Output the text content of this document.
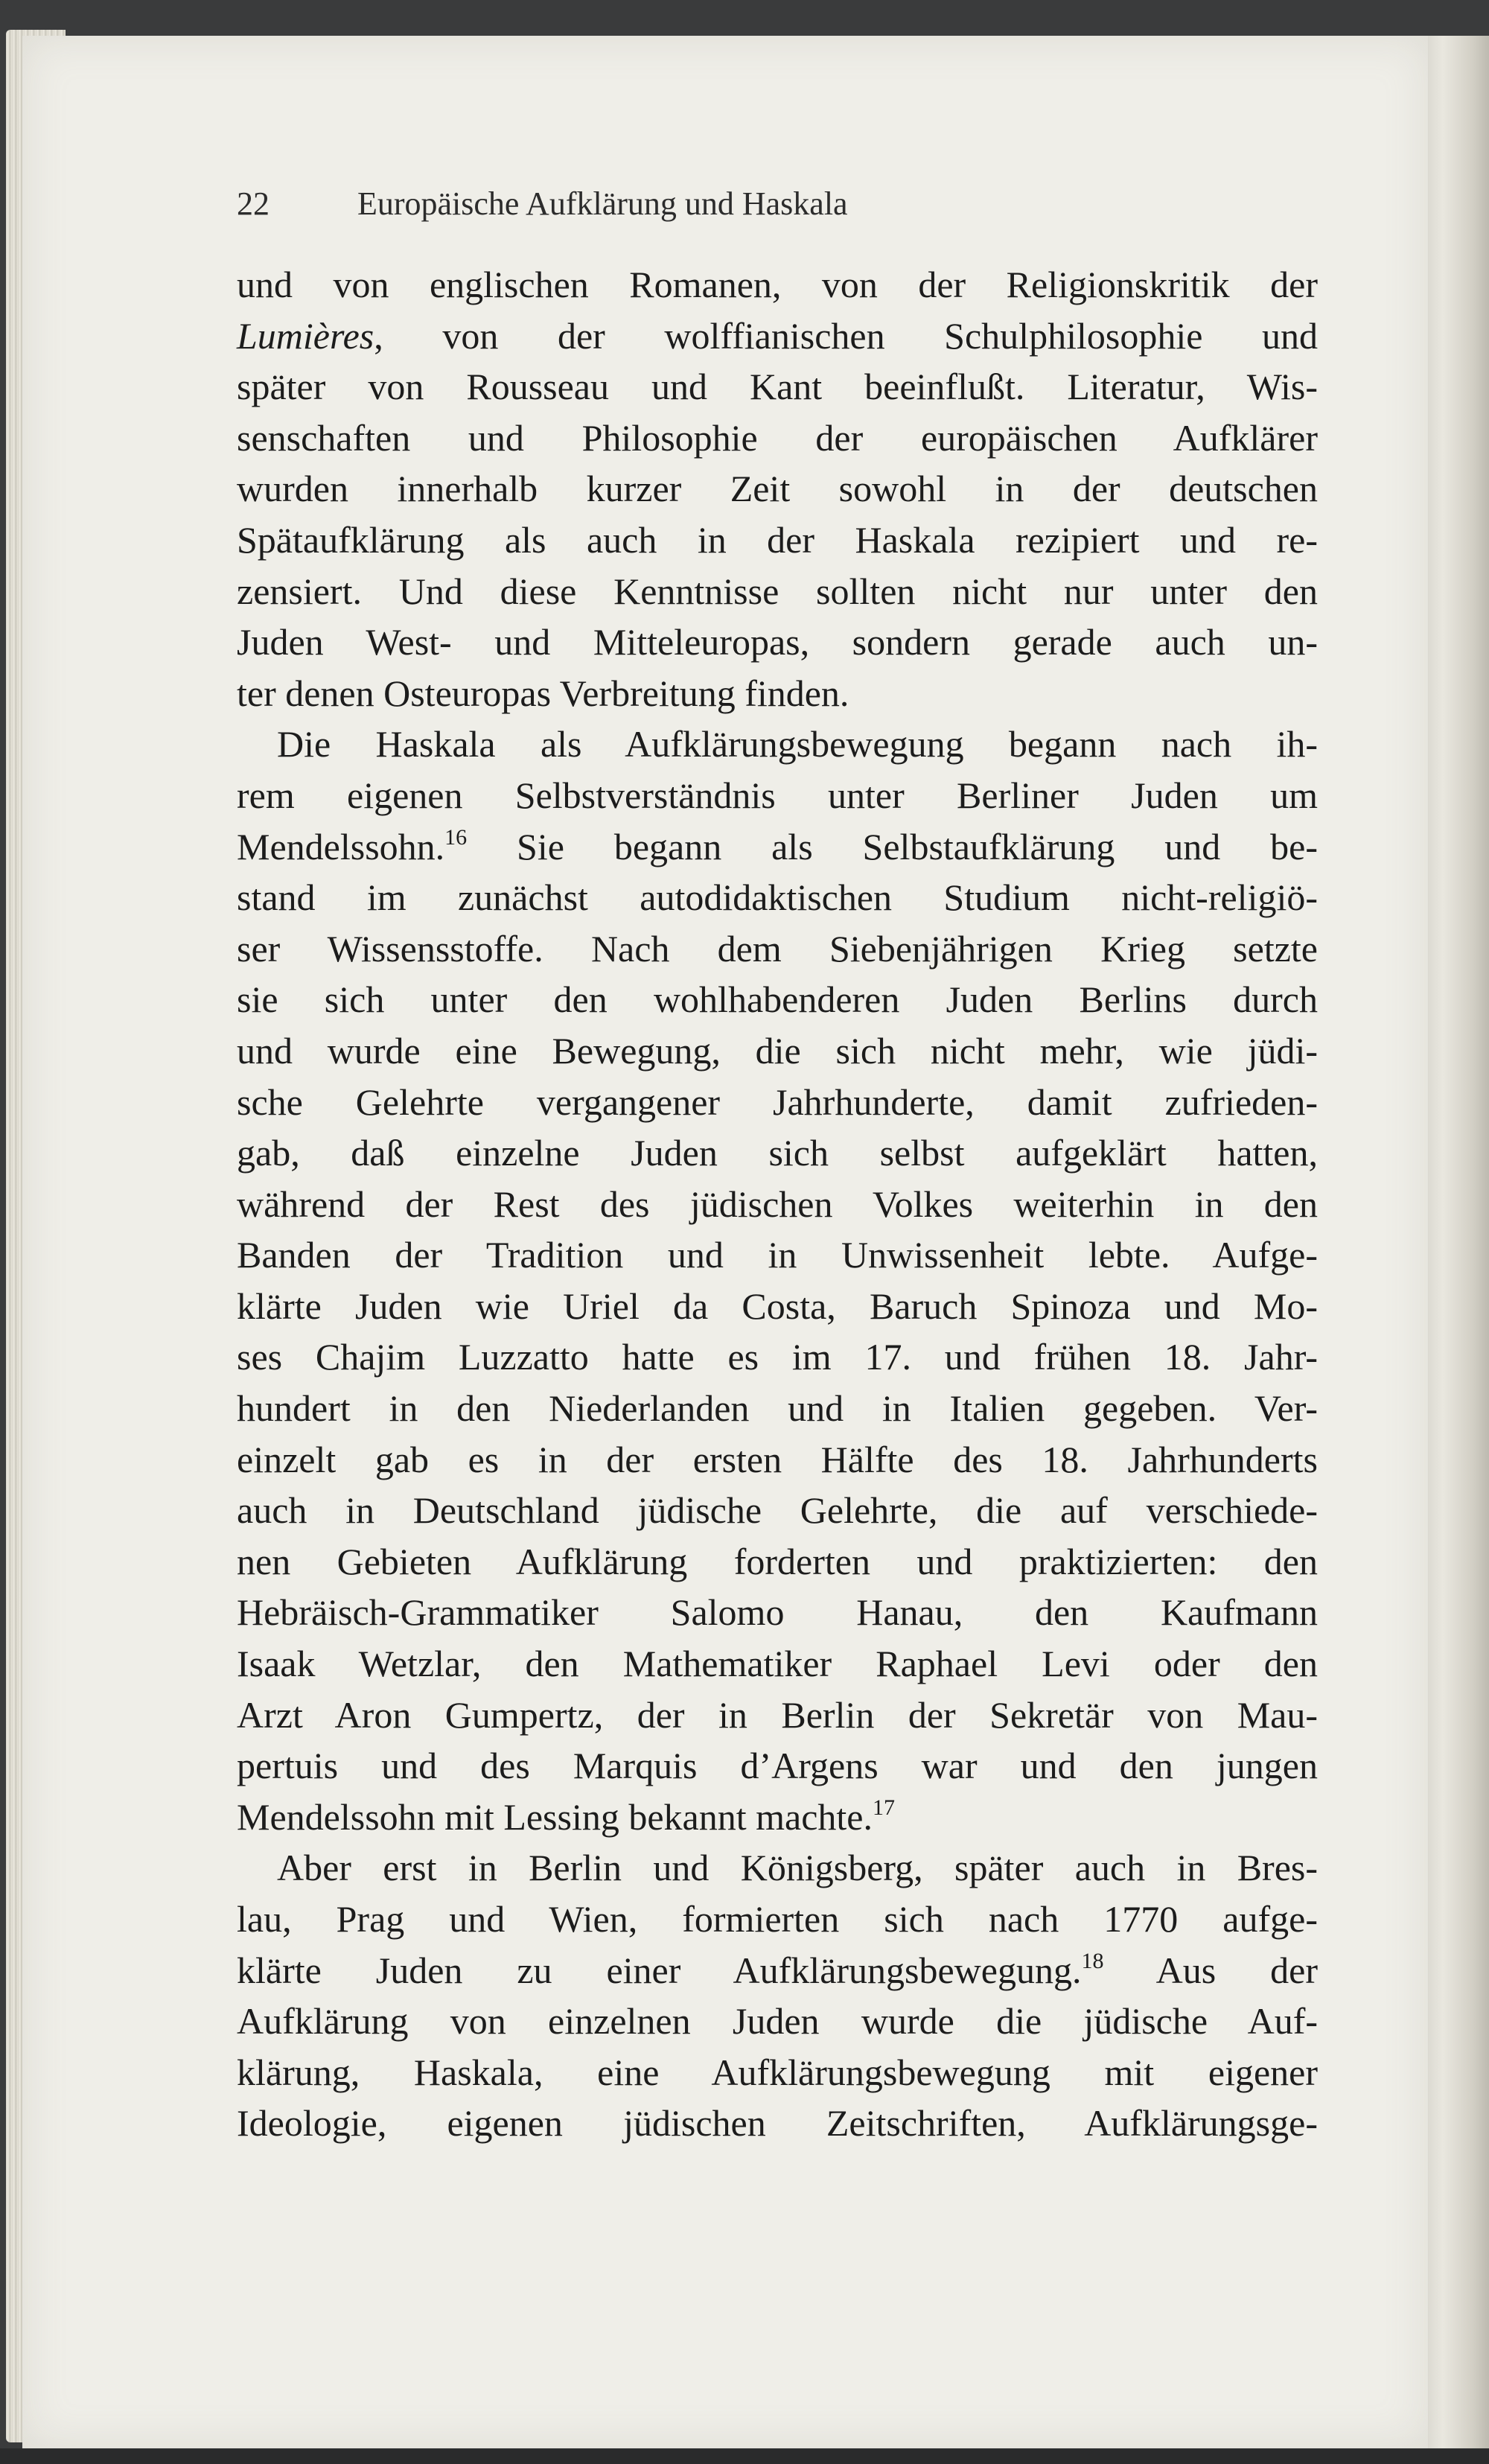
22	Europäische Aufklärung und Haskala
und von englischen Romanen, von der Religionskritik der
Lumières, von der wolffianischen Schulphilosophie und
später von Rousseau und Kant beeinflußt. Literatur, Wis-
senschaften und Philosophie der europäischen Aufklärer
wurden innerhalb kurzer Zeit sowohl in der deutschen
Spätaufklärung als auch in der Haskala rezipiert und re-
zensiert. Und diese Kenntnisse sollten nicht nur unter den
Juden West- und Mitteleuropas, sondern gerade auch un-
ter denen Osteuropas Verbreitung finden.
Die Haskala als Aufklärungsbewegung begann nach ih-
rem eigenen Selbstverständnis unter Berliner Juden um
Mendelssohn.$^{16}$ Sie begann als Selbstaufklärung und be-
stand im zunächst autodidaktischen Studium nicht-religiö-
ser Wissensstoffe. Nach dem Siebenjährigen Krieg setzte
sie sich unter den wohlhabenderen Juden Berlins durch
und wurde eine Bewegung, die sich nicht mehr, wie jüdi-
sche Gelehrte vergangener Jahrhunderte, damit zufrieden-
gab, daß einzelne Juden sich selbst aufgeklärt hatten,
während der Rest des jüdischen Volkes weiterhin in den
Banden der Tradition und in Unwissenheit lebte. Aufge-
klärte Juden wie Uriel da Costa, Baruch Spinoza und Mo-
ses Chajim Luzzatto hatte es im 17. und frühen 18. Jahr-
hundert in den Niederlanden und in Italien gegeben. Ver-
einzelt gab es in der ersten Hälfte des 18. Jahrhunderts
auch in Deutschland jüdische Gelehrte, die auf verschiede-
nen Gebieten Aufklärung forderten und praktizierten: den
Hebräisch-Grammatiker Salomo Hanau, den Kaufmann
Isaak Wetzlar, den Mathematiker Raphael Levi oder den
Arzt Aron Gumpertz, der in Berlin der Sekretär von Mau-
pertuis und des Marquis d’Argens war und den jungen
Mendelssohn mit Lessing bekannt machte.$^{17}$
Aber erst in Berlin und Königsberg, später auch in Bres-
lau, Prag und Wien, formierten sich nach 1770 aufge-
klärte Juden zu einer Aufklärungsbewegung.$^{18}$ Aus der
Aufklärung von einzelnen Juden wurde die jüdische Auf-
klärung, Haskala, eine Aufklärungsbewegung mit eigener
Ideologie, eigenen jüdischen Zeitschriften, Aufklärungsge-
